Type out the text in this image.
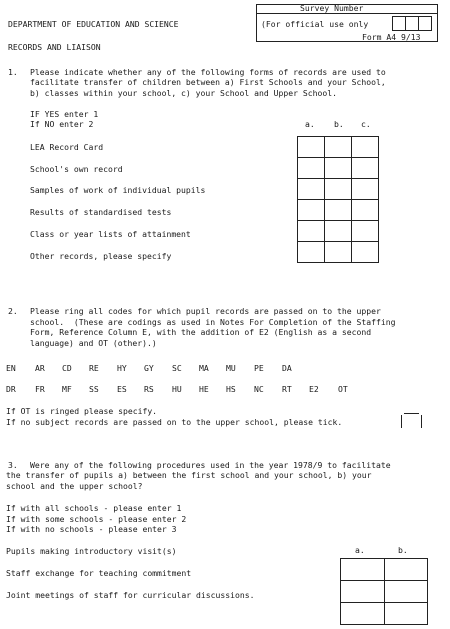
DEPARTMENT OF EDUCATION AND SCIENCE
RECORDS AND LIAISON
Survey Number
(For official use only
Form A4 9/13
1. Please indicate whether any of the following forms of records are used to
facilitate transfer of children between a) First Schools and your School,
b) classes within your school, c) your School and Upper School.
IF YES enter 1
If NO enter 2	a. b. c.
LEA Record Card
School's own record
Samples of work of individual pupils
Results of standardised tests
Class or year lists of attainment
Other records, please specify

2. Please ring all codes for which pupil records are passed on to the upper
school.  (These are codings as used in Notes For Completion of the Staffing
Form, Reference Column E, with the addition of E2 (English as a second
language) and OT (other).)
EN AR CD RE HY GY SC MA MU PE DA
DR FR MF SS ES RS HU HE HS NC RT E2 OT
If OT is ringed please specify.
If no subject records are passed on to the upper school, please tick.
3. Were any of the following procedures used in the year 1978/9 to facilitate
the transfer of pupils a) between the first school and your school, b) your
school and the upper school?
If with all schools - please enter 1
If with some schools - please enter 2
If with no schools - please enter 3
a.	b.
Pupils making introductory visit(s)
Staff exchange for teaching commitment
Joint meetings of staff for curricular discussions.
